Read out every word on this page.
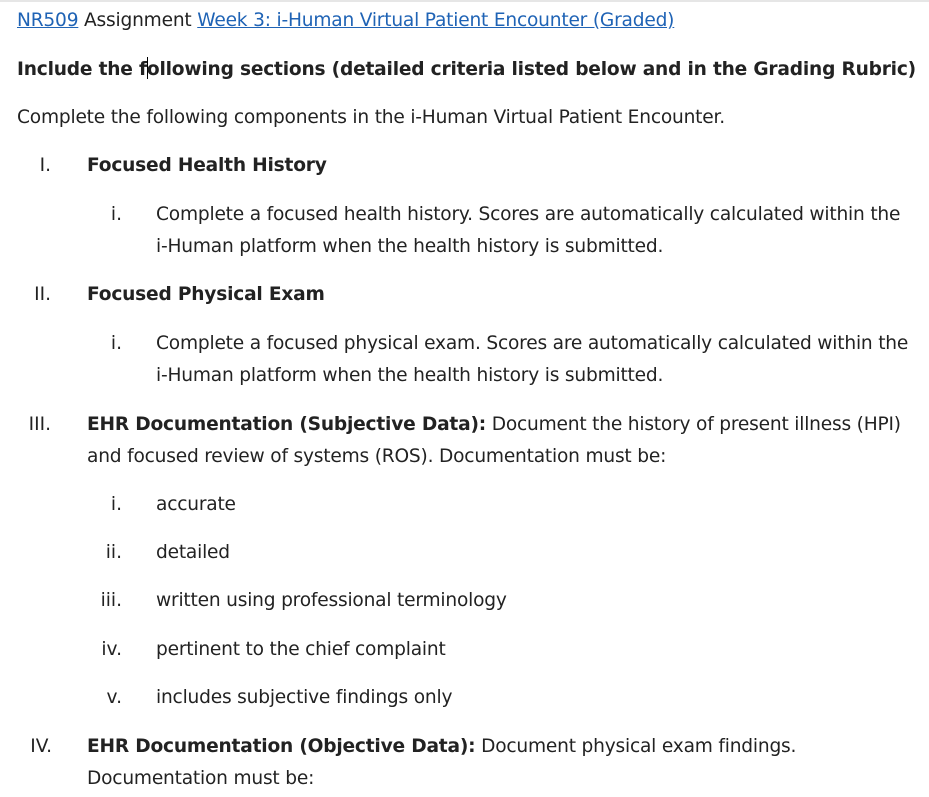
NR509 Assignment Week 3: i-Human Virtual Patient Encounter (Graded)
Include the following sections (detailed criteria listed below and in the Grading Rubric)
Complete the following components in the i-Human Virtual Patient Encounter.
I. Focused Health History
i. Complete a focused health history. Scores are automatically calculated within the
i-Human platform when the health history is submitted.
II. Focused Physical Exam
i. Complete a focused physical exam. Scores are automatically calculated within the
i-Human platform when the health history is submitted.
III. EHR Documentation (Subjective Data): Document the history of present illness (HPI)
and focused review of systems (ROS). Documentation must be:
i. accurate
ii. detailed
iii. written using professional terminology
iv. pertinent to the chief complaint
v. includes subjective findings only
IV. EHR Documentation (Objective Data): Document physical exam findings.
Documentation must be:
